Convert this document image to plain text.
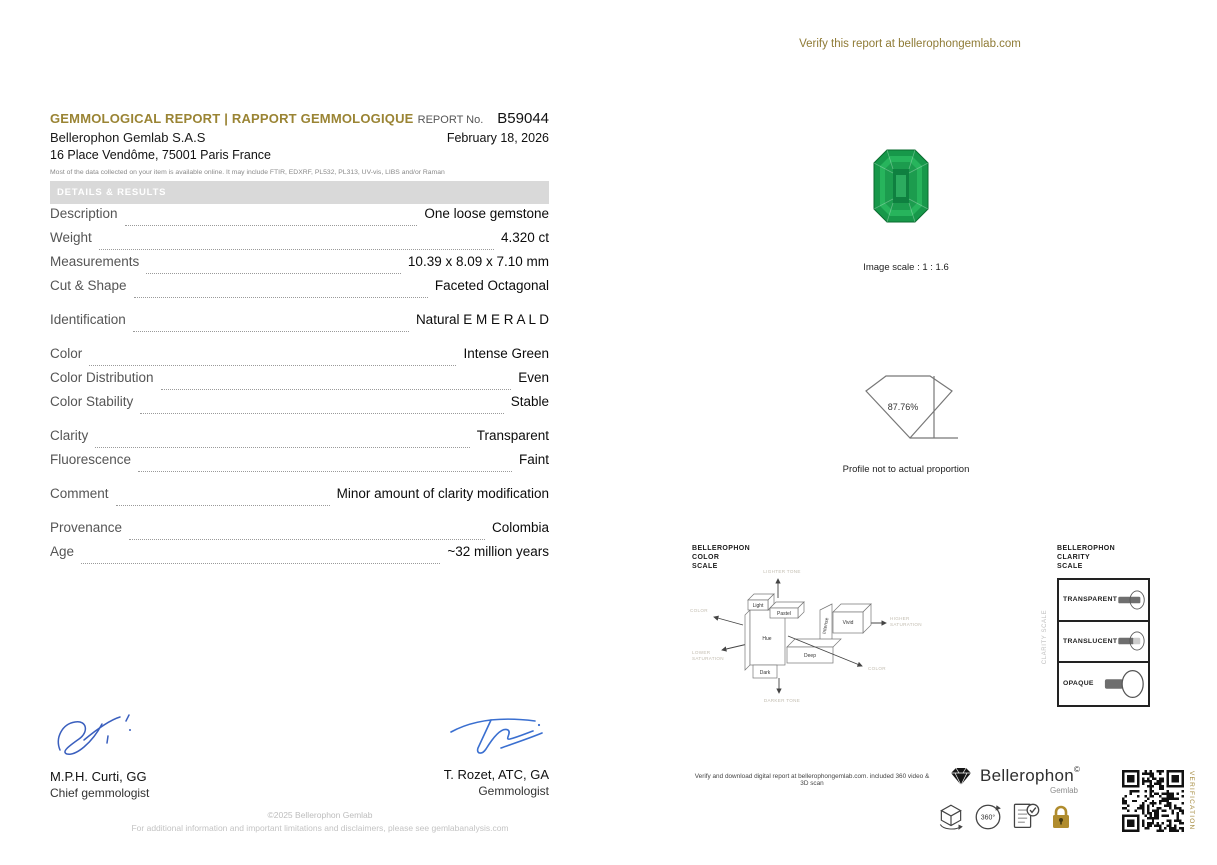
Verify this report at bellerophongemlab.com
GEMMOLOGICAL REPORT | RAPPORT GEMMOLOGIQUE REPORT No. B59044
Bellerophon Gemlab S.A.S	February 18, 2026
16 Place Vendôme, 75001 Paris France
Most of the data collected on your item is available online. It may include FTIR, EDXRF, PL532, PL313, UV-vis, LIBS and/or Raman
DETAILS & RESULTS
Description	One loose gemstone
Weight	4.320 ct
Measurements	10.39 x 8.09 x 7.10 mm
Cut & Shape	Faceted Octagonal
Identification	Natural E M E R A L D
Color	Intense Green
Color Distribution	Even
Color Stability	Stable
Clarity	Transparent
Fluorescence	Faint
Comment	Minor amount of clarity modification
Provenance	Colombia
Age	~32 million years
M.P.H. Curti, GG
Chief gemmologist
T. Rozet, ATC, GA
Gemmologist
©2025 Bellerophon Gemlab
For additional information and important limitations and disclaimers, please see gemlabanalysis.com
Image scale : 1 : 1.6
87.76%
Profile not to actual proportion
BELLEROPHON
COLOR
SCALE
Light
Pastel
Hue
Intense Vivid
Deep
Dark
LIGHTER TONE
COLOR
LOWER SATURATION
HIGHER SATURATION
COLOR
DARKER TONE
BELLEROPHON
CLARITY
SCALE
CLARITY SCALE
TRANSPARENT
TRANSLUCENT
OPAQUE
Verify and download digital report at bellerophongemlab.com. included 360 video & 3D scan	Bellerophon ©
Gemlab
360°	VERIFICATION
